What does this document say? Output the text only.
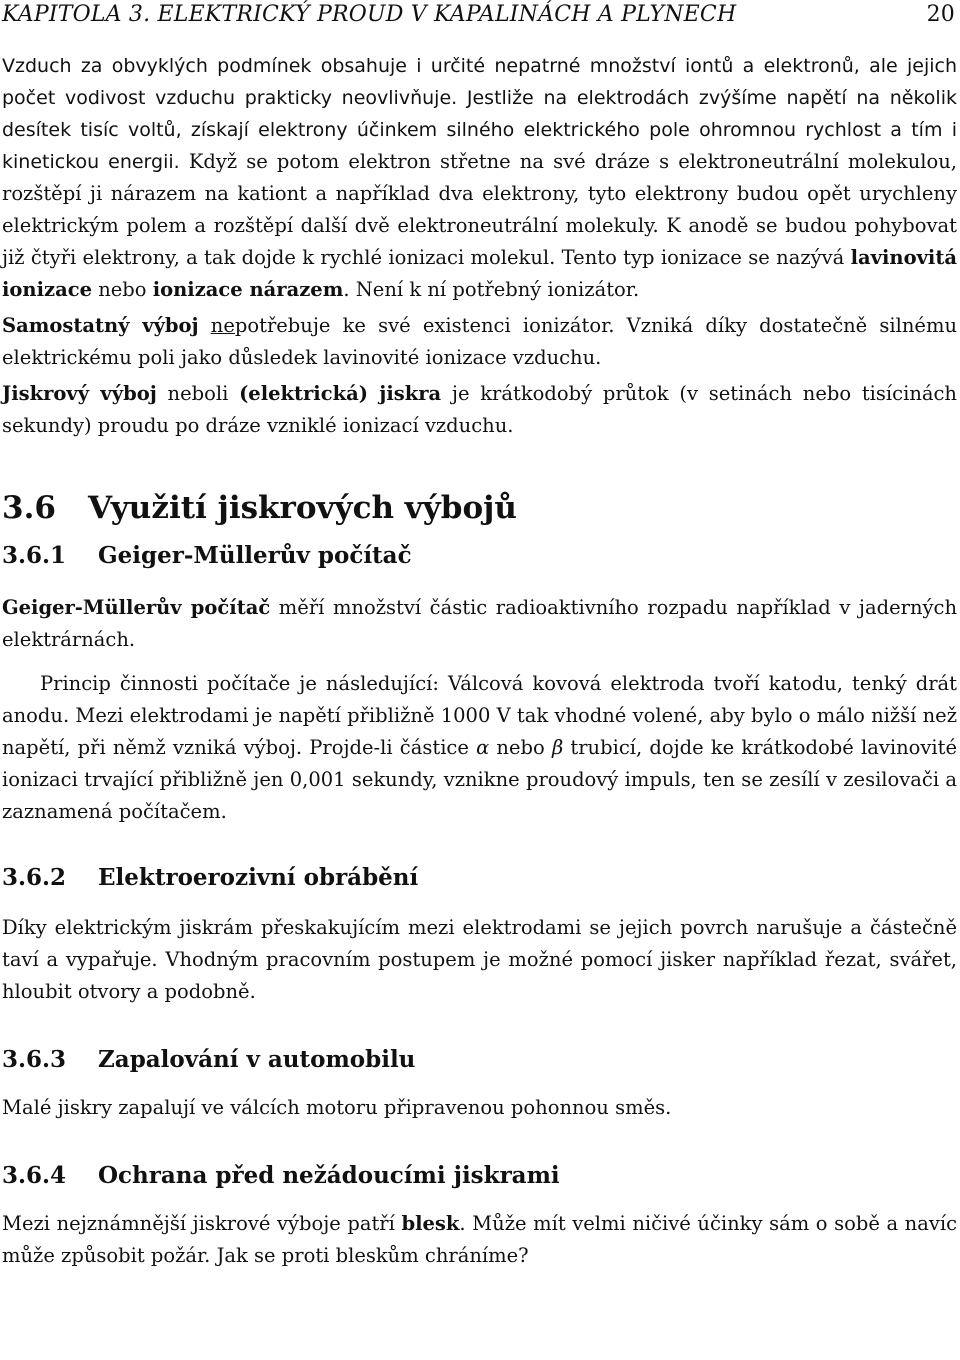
KAPITOLA 3. ELEKTRICKÝ PROUD V KAPALINÁCH A PLYNECH	20

Vzduch za obvyklých podmínek obsahuje i určité nepatrné množství iontů a elektronů, ale jejich počet vodivost vzduchu prakticky neovlivňuje. Jestliže na elektrodách zvýšíme napětí na několik desítek tisíc voltů, získají elektrony účinkem silného elektrického pole ohromnou rychlost a tím i kinetickou energii. Když se potom elektron střetne na své dráze s elektroneutrální molekulou, rozštěpí ji nárazem na kationt a například dva elektrony, tyto elektrony budou opět urychleny elektrickým polem a rozštěpí další dvě elektroneutrální molekuly. K anodě se budou pohybovat již čtyři elektrony, a tak dojde k rychlé ionizaci molekul. Tento typ ionizace se nazývá lavinovitá ionizace nebo ionizace nárazem. Není k ní potřebný ionizátor.

Samostatný výboj nepotřebuje ke své existenci ionizátor. Vzniká díky dostatečně silnému elektrickému poli jako důsledek lavinovité ionizace vzduchu.

Jiskrový výboj neboli (elektrická) jiskra je krátkodobý průtok (v setinách nebo tisícinách sekundy) proudu po dráze vzniklé ionizací vzduchu.

3.6 Využití jiskrových výbojů
3.6.1 Geiger-Müllerův počítač

Geiger-Müllerův počítač měří množství částic radioaktivního rozpadu například v jaderných elektrárnách.

Princip činnosti počítače je následující: Válcová kovová elektroda tvoří katodu, tenký drát anodu. Mezi elektrodami je napětí přibližně 1000 V tak vhodné volené, aby bylo o málo nižší než napětí, při němž vzniká výboj. Projde-li částice α nebo β trubicí, dojde ke krátkodobé lavinovité ionizaci trvající přibližně jen 0,001 sekundy, vznikne proudový impuls, ten se zesílí v zesilovači a zaznamená počítačem.

3.6.2 Elektroerozivní obrábění

Díky elektrickým jiskrám přeskakujícím mezi elektrodami se jejich povrch narušuje a částečně taví a vypařuje. Vhodným pracovním postupem je možné pomocí jisker například řezat, svářet, hloubit otvory a podobně.

3.6.3 Zapalování v automobilu

Malé jiskry zapalují ve válcích motoru připravenou pohonnou směs.

3.6.4 Ochrana před nežádoucími jiskrami

Mezi nejznámnější jiskrové výboje patří blesk. Může mít velmi ničivé účinky sám o sobě a navíc může způsobit požár. Jak se proti bleskům chráníme?
